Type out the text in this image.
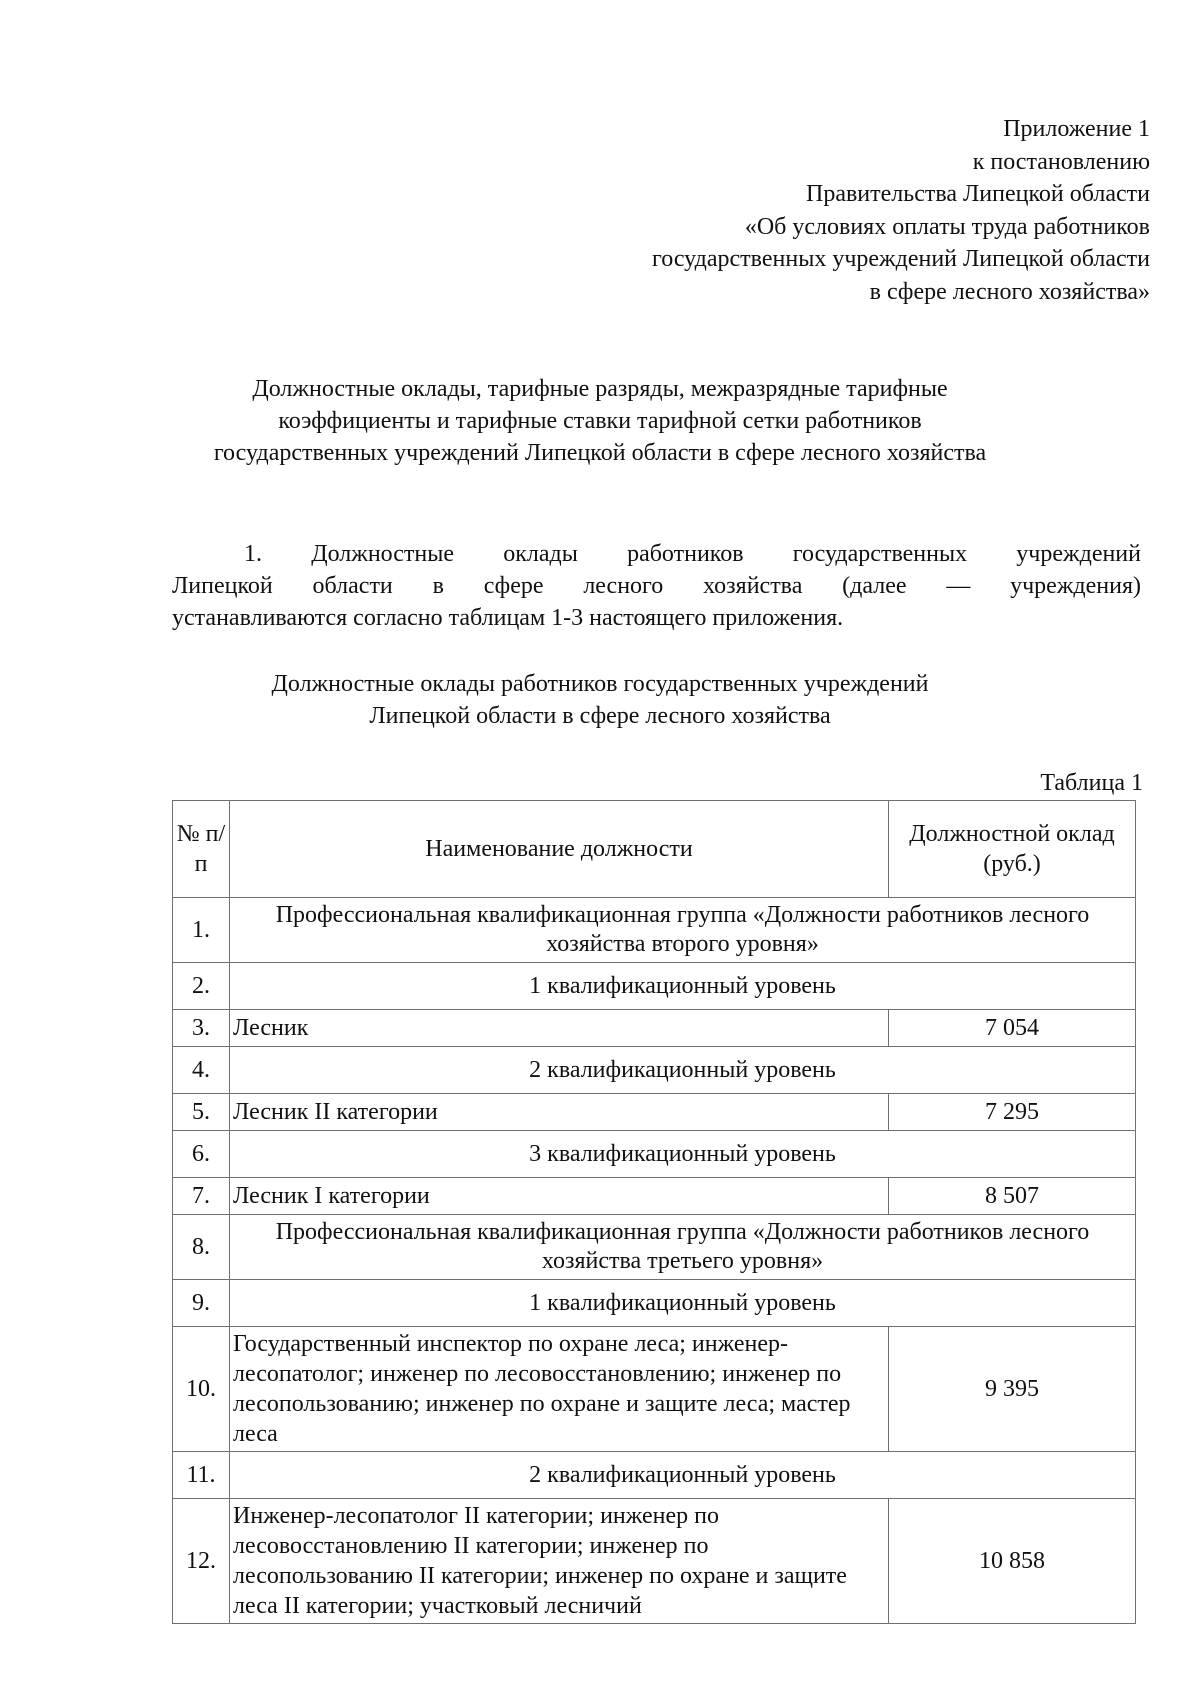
Приложение 1
к постановлению
Правительства Липецкой области
«Об условиях оплаты труда работников
государственных учреждений Липецкой области
в сфере лесного хозяйства»
Должностные оклады, тарифные разряды, межразрядные тарифные
коэффициенты и тарифные ставки тарифной сетки работников
государственных учреждений Липецкой области в сфере лесного хозяйства
1. Должностные оклады работников государственных учреждений
Липецкой области в сфере лесного хозяйства (далее — учреждения)
устанавливаются согласно таблицам 1-3 настоящего приложения.
Должностные оклады работников государственных учреждений
Липецкой области в сфере лесного хозяйства
Таблица 1
№ п/п	Наименование должности	Должностной оклад (руб.)
1.	Профессиональная квалификационная группа «Должности работников лесного хозяйства второго уровня»	
2.	1 квалификационный уровень	
3.	Лесник	7 054
4.	2 квалификационный уровень	
5.	Лесник II категории	7 295
6.	3 квалификационный уровень	
7.	Лесник I категории	8 507
8.	Профессиональная квалификационная группа «Должности работников лесного хозяйства третьего уровня»	
9.	1 квалификационный уровень	
10.	Государственный инспектор по охране леса; инженер-лесопатолог; инженер по лесовосстановлению; инженер по лесопользованию; инженер по охране и защите леса; мастер леса	9 395
11.	2 квалификационный уровень	
12.	Инженер-лесопатолог II категории; инженер по лесовосстановлению II категории; инженер по лесопользованию II категории; инженер по охране и защите леса II категории; участковый лесничий	10 858
